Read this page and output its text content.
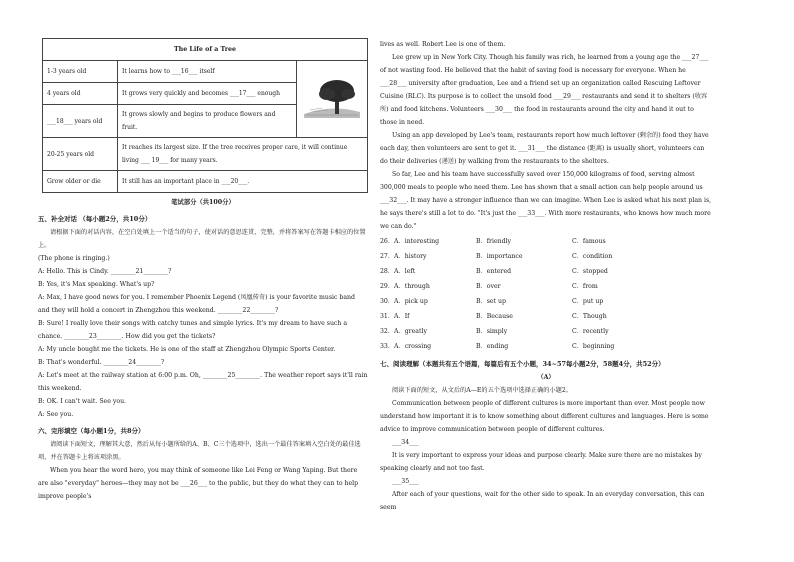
The Life of a Tree		
1-3 years old	It learns how to ___16___ itself	
4 years old	It grows very quickly and becomes ___17___ enough	
___18___ years old	It grows slowly and begins to produce flowers and fruit.	
20-25 years old	It reaches its largest size. If the tree receives proper care, it will continue living ___ 19___ for many years.	
Grow older or die	It still has an important place in ___20___.	
笔试部分（共100分）
五、补全对话 （每小题2分，共10分）

请根据下面的对话内容，在空白处填上一个适当的句子，使对话的意思连贯，完整，并将答案写在答题卡相应的位置上。

(The phone is ringing.)

A: Hello. This is Cindy. ________21________?

B: Yes, it's Max speaking. What's up?

A: Max, I have good news for you. I remember Phoenix Legend (凤凰传奇) is your favorite music band and they will hold a concert in Zhengzhou this weekend. ________22________?

B: Sure! I really love their songs with catchy tunes and simple lyrics. It's my dream to have such a chance. ________23________. How did you get the tickets?

A: My uncle bought me the tickets. He is one of the staff at Zhengzhou Olympic Sports Center.

B: That's wonderful. ________24________?

A: Let's meet at the railway station at 6:00 p.m. Oh, ________25________. The weather report says it'll rain this weekend.

B: OK. I can't wait. See you.

A: See you.

六、完形填空（每小题1分，共8分）

请阅读下面短文，理解其大意，然后从每小题所给的A、B、C三个选项中，选出一个最佳答案填入空白处的最佳选项，并在答题卡上将该项涂黑。

When you hear the word hero, you may think of someone like Lei Feng or Wang Yaping. But there are also "everyday" heroes—they may not be ___26___ to the public, but they do what they can to help improve people's

lives as well. Robert Lee is one of them.

Lee grew up in New York City. Though his family was rich, he learned from a young age the ___27___ of not wasting food. He believed that the habit of saving food is necessary for everyone. When he ___28___ university after graduation, Lee and a friend set up an organization called Rescuing Leftover Cuisine (RLC). Its purpose is to collect the unsold food ___29___ restaurants and send it to shelters (收容所) and food kitchens. Volunteers ___30___ the food in restaurants around the city and hand it out to those in need.

Using an app developed by Lee's team, restaurants report how much leftover (剩余的) food they have each day, then volunteers are sent to get it. ___31___ the distance (距离) is usually short, volunteers can do their deliveries (递送) by walking from the restaurants to the shelters.

So far, Lee and his team have successfully saved over 150,000 kilograms of food, serving almost 300,000 meals to people who need them. Lee has shown that a small action can help people around us ___32___. It may have a stronger influence than we can imagine. When Lee is asked what his next plan is, he says there's still a lot to do. "It's just the ___33___. With more restaurants, who knows how much more we can do."

26．A．interesting	B．friendly	C．famous
27．A．history	B．importance	C．condition
28．A．left	B．entered	C．stopped
29．A．through	B．over	C．from
30．A．pick up	B．set up	C．put up
31．A．If	B．Because	C．Though
32．A．greatly	B．simply	C．recently
33．A．crossing	B．ending	C．beginning
七、阅读理解（本题共有五个语篇，每篇后有五个小题，34~57每小题2分，58题4分，共52分）
（A）

阅读下面的短文，从文后的A—E的五个选项中选择正确的小题2。

Communication between people of different cultures is more important than ever. Most people now understand how important it is to know something about different cultures and languages. Here is some advice to improve communication between people of different cultures.

___34___

It is very important to express your ideas and purpose clearly. Make sure there are no mistakes by speaking clearly and not too fast.

___35___

After each of your questions, wait for the other side to speak. In an everyday conversation, this can seem
